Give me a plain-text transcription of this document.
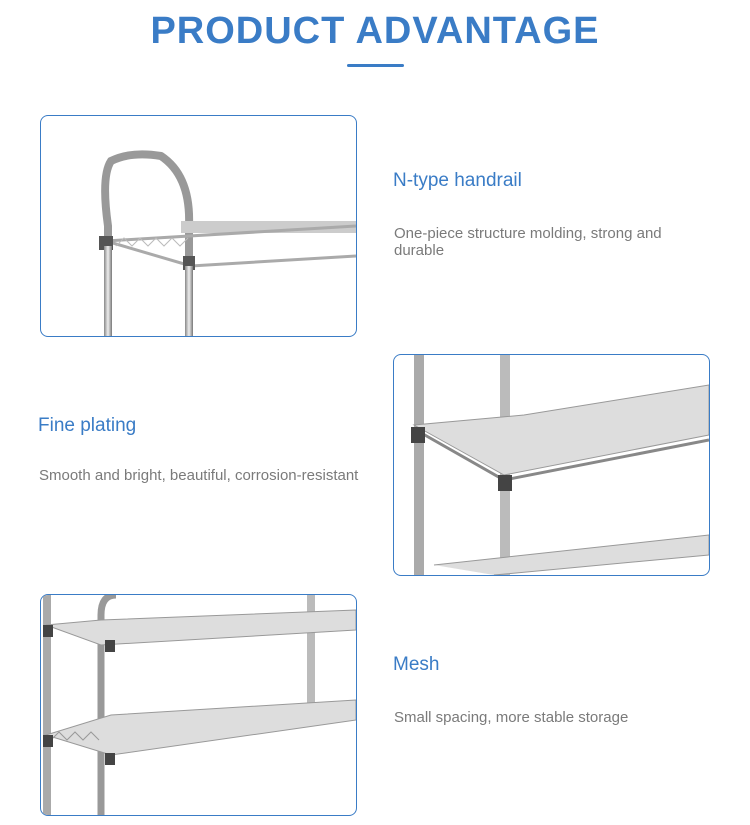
PRODUCT ADVANTAGE
N-type handrail
One-piece structure molding, strong and durable
Fine plating
Smooth and bright, beautiful, corrosion-resistant
Mesh
Small spacing, more stable storage
